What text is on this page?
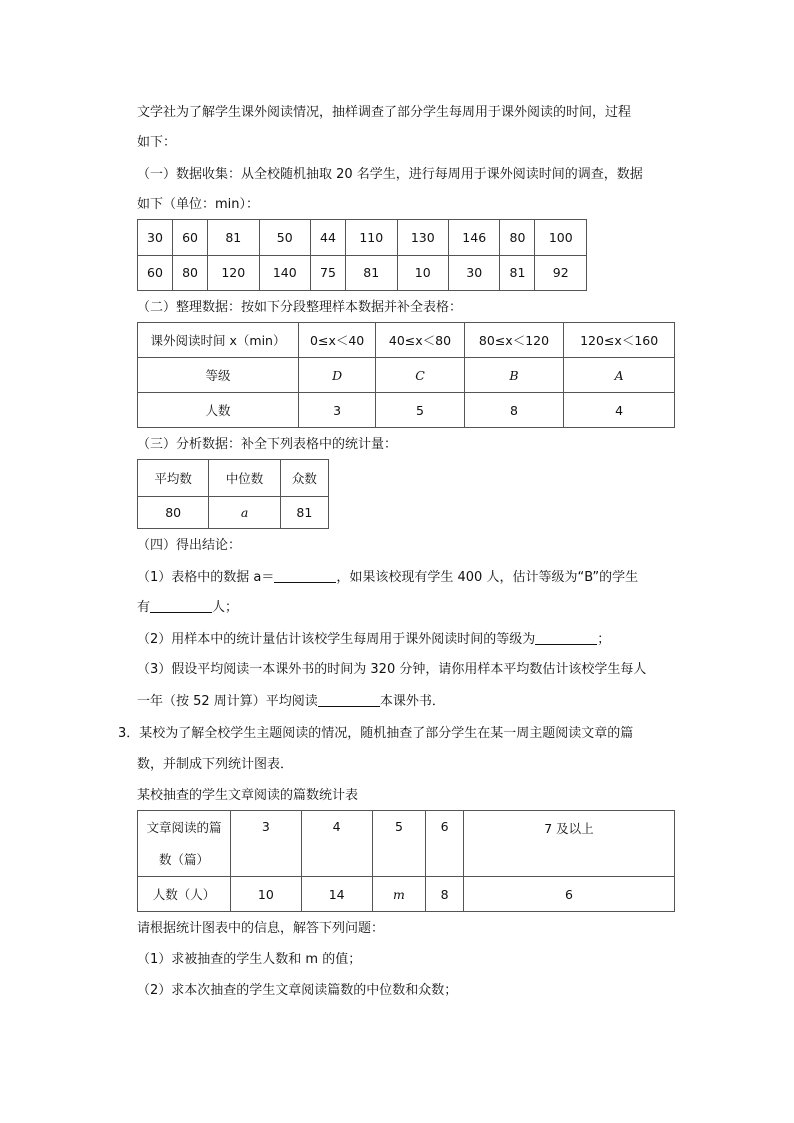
文学社为了解学生课外阅读情况，抽样调查了部分学生每周用于课外阅读的时间，过程
如下：
（一）数据收集：从全校随机抽取 20 名学生，进行每周用于课外阅读时间的调查，数据
如下（单位：min）：
30	60	81	50	44	110	130	146	80	100
60	80	120	140	75	81	10	30	81	92
（二）整理数据：按如下分段整理样本数据并补全表格：
课外阅读时间 x（min）	0≤x＜40	40≤x＜80	80≤x＜120	120≤x＜160
等级	D	C	B	A
人数	3	5	8	4
（三）分析数据：补全下列表格中的统计量：
平均数	中位数	众数
80	a	81
（四）得出结论：
（1）表格中的数据 a＝	，如果该校现有学生 400 人，估计等级为“B”的学生
有	人；
（2）用样本中的统计量估计该校学生每周用于课外阅读时间的等级为	；
（3）假设平均阅读一本课外书的时间为 320 分钟，请你用样本平均数估计该校学生每人
一年（按 52 周计算）平均阅读	本课外书．
3．某校为了解全校学生主题阅读的情况，随机抽查了部分学生在某一周主题阅读文章的篇
数，并制成下列统计图表．
某校抽查的学生文章阅读的篇数统计表
文章阅读的篇
数（篇）	3	4	5	6	7 及以上
人数（人）	10	14	m	8	6
请根据统计图表中的信息，解答下列问题：
（1）求被抽查的学生人数和 m 的值；
（2）求本次抽查的学生文章阅读篇数的中位数和众数；
